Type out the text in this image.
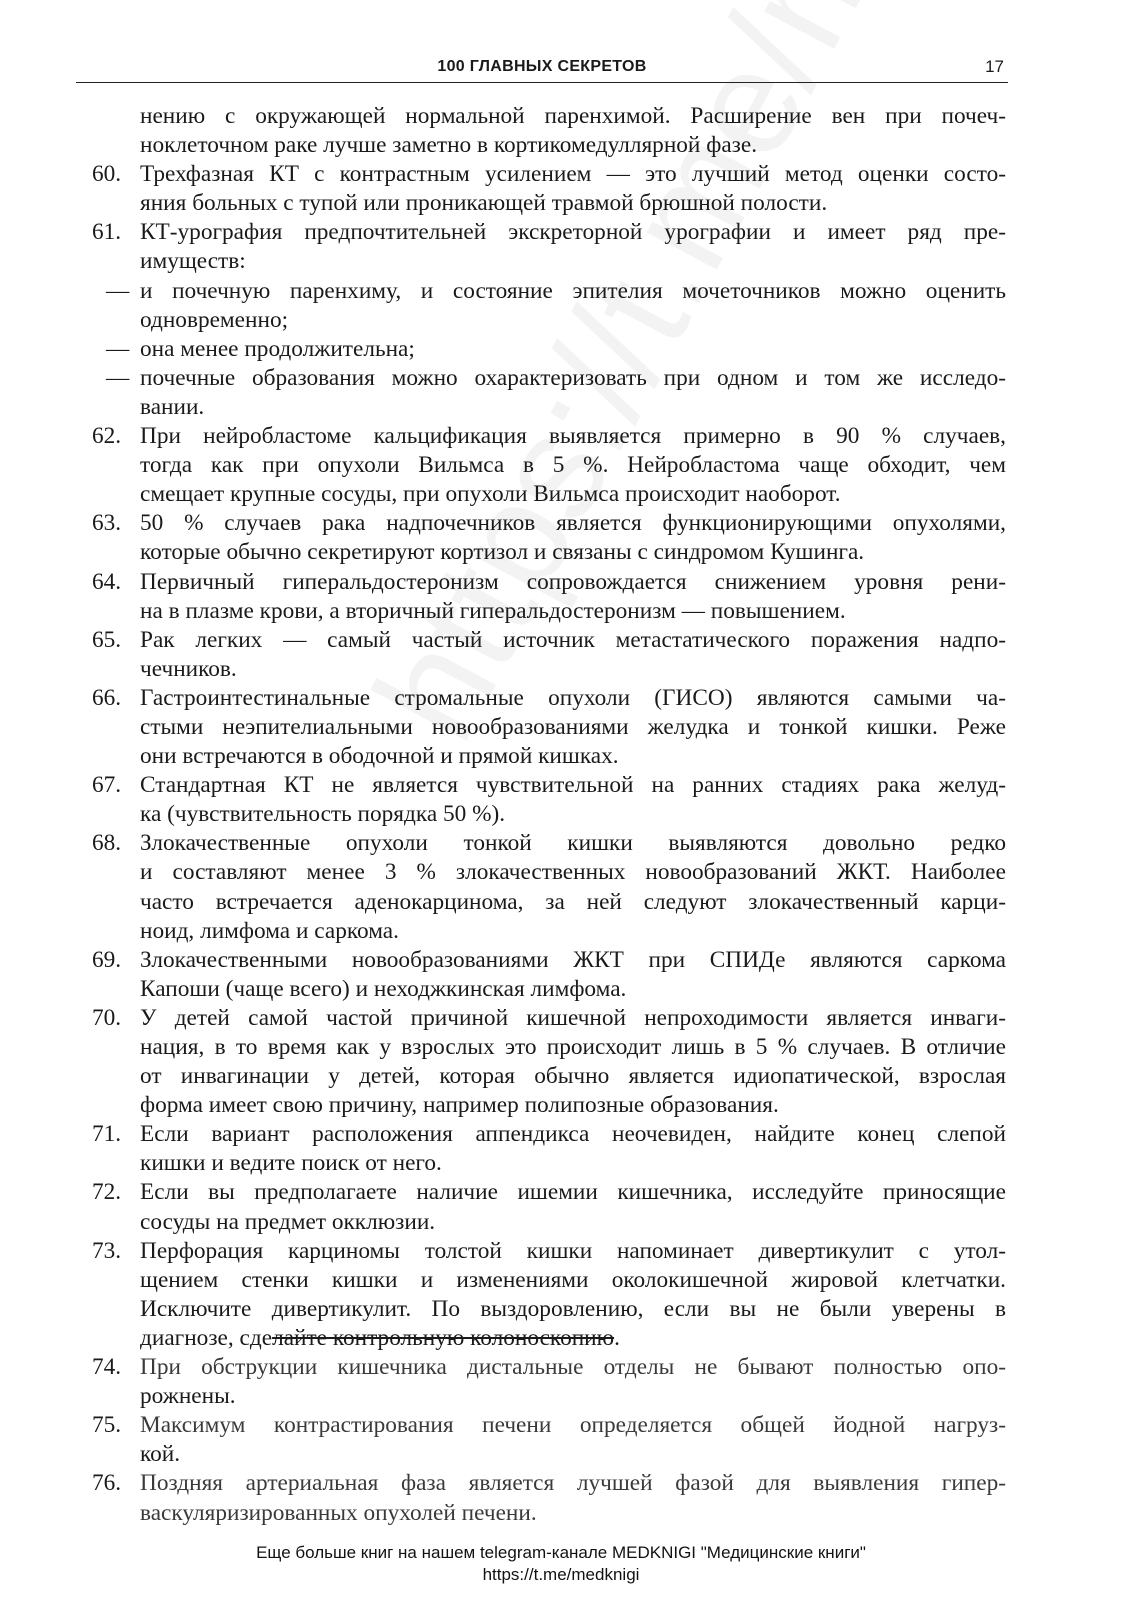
100 ГЛАВНЫХ СЕКРЕТОВ	17
нению с окружающей нормальной паренхимой. Расширение вен при почеч-
ноклеточном раке лучше заметно в кортикомедуллярной фазе.
60. Трехфазная КТ с контрастным усилением — это лучший метод оценки состо-
яния больных с тупой или проникающей травмой брюшной полости.
61. КТ-урография предпочтительней экскреторной урографии и имеет ряд пре-
имуществ:
— и почечную паренхиму, и состояние эпителия мочеточников можно оценить
одновременно;
— она менее продолжительна;
— почечные образования можно охарактеризовать при одном и том же исследо-
вании.
62. При нейробластоме кальцификация выявляется примерно в 90 % случаев,
тогда как при опухоли Вильмса в 5 %. Нейробластома чаще обходит, чем
смещает крупные сосуды, при опухоли Вильмса происходит наоборот.
63. 50 % случаев рака надпочечников является функционирующими опухолями,
которые обычно секретируют кортизол и связаны с синдромом Кушинга.
64. Первичный гиперальдостеронизм сопровождается снижением уровня рени-
на в плазме крови, а вторичный гиперальдостеронизм — повышением.
65. Рак легких — самый частый источник метастатического поражения надпо-
чечников.
66. Гастроинтестинальные стромальные опухоли (ГИСО) являются самыми ча-
стыми неэпителиальными новообразованиями желудка и тонкой кишки. Реже
они встречаются в ободочной и прямой кишках.
67. Стандартная КТ не является чувствительной на ранних стадиях рака желуд-
ка (чувствительность порядка 50 %).
68. Злокачественные опухоли тонкой кишки выявляются довольно редко
и составляют менее 3 % злокачественных новообразований ЖКТ. Наиболее
часто встречается аденокарцинома, за ней следуют злокачественный карци-
ноид, лимфома и саркома.
69. Злокачественными новообразованиями ЖКТ при СПИДе являются саркома
Капоши (чаще всего) и неходжкинская лимфома.
70. У детей самой частой причиной кишечной непроходимости является инваги-
нация, в то время как у взрослых это происходит лишь в 5 % случаев. В отличие
от инвагинации у детей, которая обычно является идиопатической, взрослая
форма имеет свою причину, например полипозные образования.
71. Если вариант расположения аппендикса неочевиден, найдите конец слепой
кишки и ведите поиск от него.
72. Если вы предполагаете наличие ишемии кишечника, исследуйте приносящие
сосуды на предмет окклюзии.
73. Перфорация карциномы толстой кишки напоминает дивертикулит с утол-
щением стенки кишки и изменениями околокишечной жировой клетчатки.
Исключите дивертикулит. По выздоровлению, если вы не были уверены в
диагнозе, сделайте контрольную колоноскопию.
74. При обструкции кишечника дистальные отделы не бывают полностью опо-
рожнены.
75. Максимум контрастирования печени определяется общей йодной нагруз-
кой.
76. Поздняя артериальная фаза является лучшей фазой для выявления гипер-
васкуляризированных опухолей печени.
Еще больше книг на нашем telegram-канале MEDKNIGI "Медицинские книги"
https://t.me/medknigi
